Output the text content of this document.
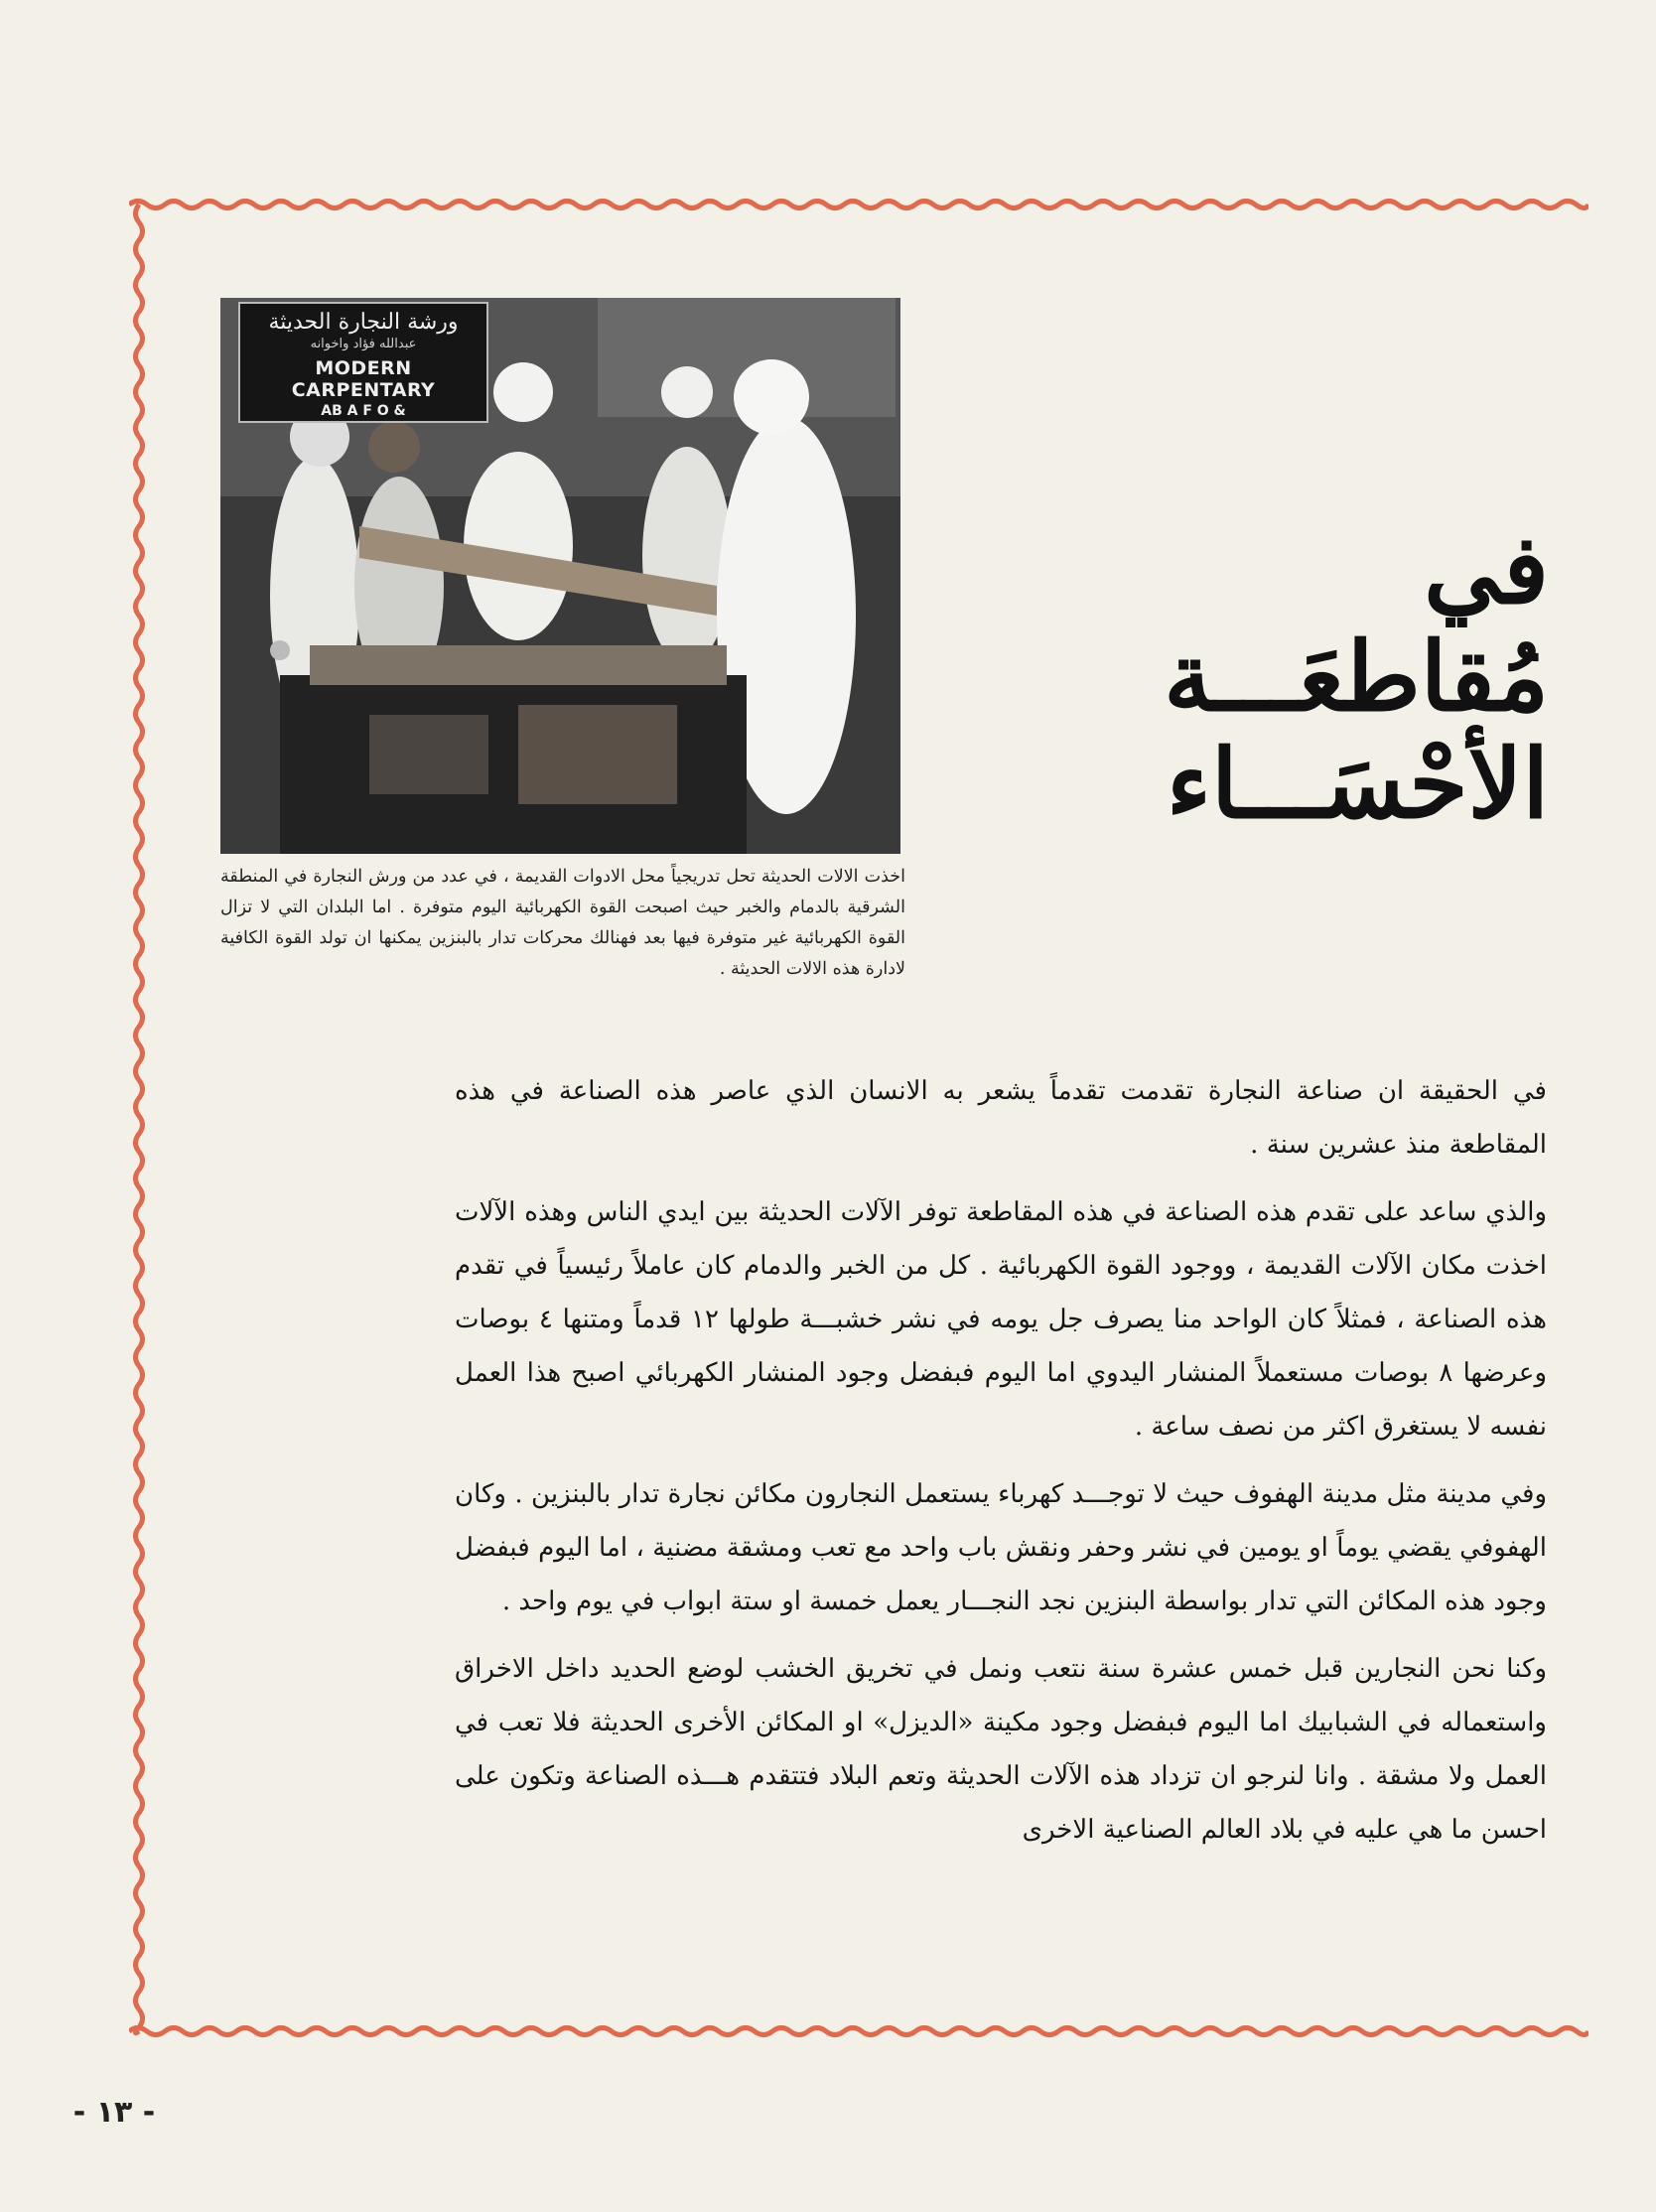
ورشة النجارة الحديثة
عبدالله فؤاد واخوانه
MODERN CARPENTARY
AB A F O &
اخذت الالات الحديثة تحل تدريجياً محل الادوات القديمة ، في عدد من ورش النجارة في المنطقة الشرقية بالدمام والخبر حيث اصبحت القوة الكهربائية اليوم متوفرة . اما البلدان التي لا تزال القوة الكهربائية غير متوفرة فيها بعد فهنالك محركات تدار بالبنزين يمكنها ان تولد القوة الكافية لادارة هذه الالات الحديثة .
في
مُقاطعَـــة
الأحْسَـــاء

في الحقيقة ان صناعة النجارة تقدمت تقدماً يشعر به الانسان الذي عاصر هذه الصناعة في هذه المقاطعة منذ عشرين سنة .

والذي ساعد على تقدم هذه الصناعة في هذه المقاطعة توفر الآلات الحديثة بين ايدي الناس وهذه الآلات اخذت مكان الآلات القديمة ، ووجود القوة الكهربائية . كل من الخبر والدمام كان عاملاً رئيسياً في تقدم هذه الصناعة ، فمثلاً كان الواحد منا يصرف جل يومه في نشر خشبـــة طولها ١٢ قدماً ومتنها ٤ بوصات وعرضها ٨ بوصات مستعملاً المنشار اليدوي اما اليوم فبفضل وجود المنشار الكهربائي اصبح هذا العمل نفسه لا يستغرق اكثر من نصف ساعة .

وفي مدينة مثل مدينة الهفوف حيث لا توجـــد كهرباء يستعمل النجارون مكائن نجارة تدار بالبنزين . وكان الهفوفي يقضي يوماً او يومين في نشر وحفر ونقش باب واحد مع تعب ومشقة مضنية ، اما اليوم فبفضل وجود هذه المكائن التي تدار بواسطة البنزين نجد النجـــار يعمل خمسة او ستة ابواب في يوم واحد .

وكنا نحن النجارين قبل خمس عشرة سنة نتعب ونمل في تخريق الخشب لوضع الحديد داخل الاخراق واستعماله في الشبابيك اما اليوم فبفضل وجود مكينة «الديزل» او المكائن الأخرى الحديثة فلا تعب في العمل ولا مشقة . وانا لنرجو ان تزداد هذه الآلات الحديثة وتعم البلاد فتتقدم هـــذه الصناعة وتكون على احسن ما هي عليه في بلاد العالم الصناعية الاخرى

- ١٣ -
